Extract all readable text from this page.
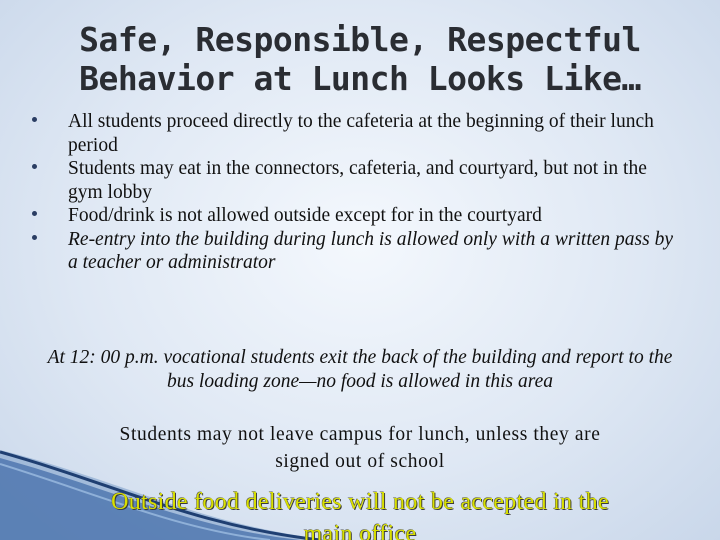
Safe, Responsible, Respectful
Behavior at Lunch Looks Like…
All students proceed directly to the cafeteria at the beginning of their lunch period
Students may eat in the connectors, cafeteria, and courtyard, but not in the gym lobby
Food/drink is not allowed outside except for in the courtyard
Re-entry into the building during lunch is allowed only with a written pass by a teacher or administrator

At 12: 00 p.m. vocational students exit the back of the building and report to the bus loading zone—no food is allowed in this area

Students may not leave campus for lunch, unless they are
signed out of school

Outside food deliveries will not be accepted in the
main office
